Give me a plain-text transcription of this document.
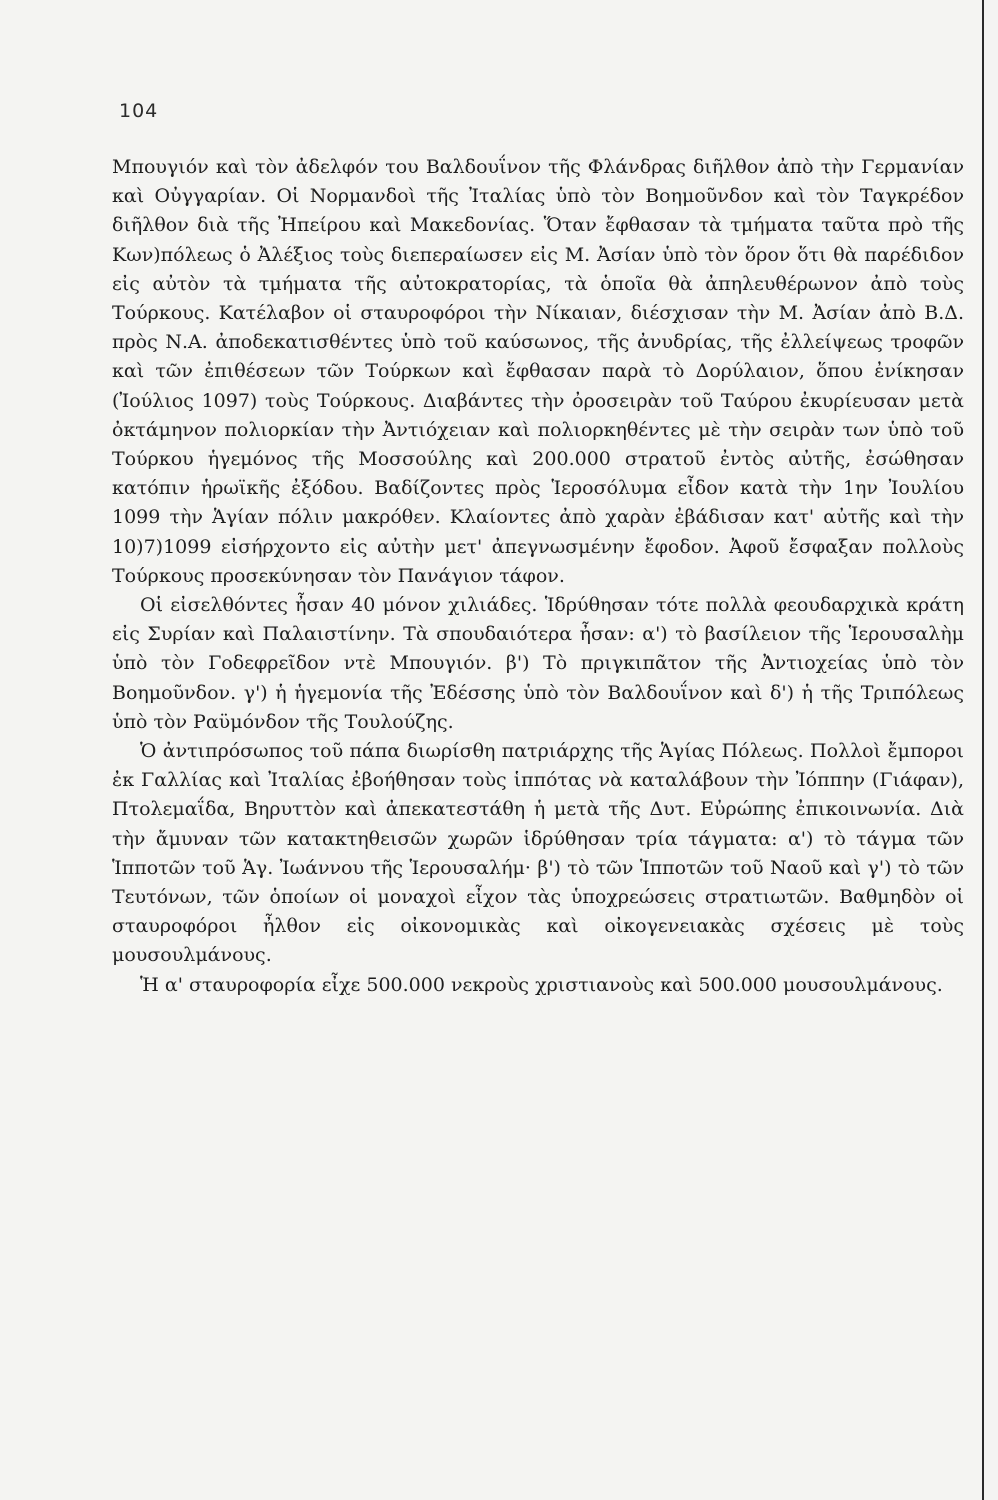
104

Μπουγιόν καὶ τὸν ἀδελφόν του Βαλδουΐνον τῆς Φλάνδρας διῆλθον ἀπὸ τὴν Γερμανίαν καὶ Οὐγγαρίαν. Οἱ Νορμανδοὶ τῆς Ἰταλίας ὑπὸ τὸν Βοημοῦνδον καὶ τὸν Ταγκρέδον διῆλθον διὰ τῆς Ἠπείρου καὶ Μακεδονίας. Ὅταν ἔφθασαν τὰ τμήματα ταῦτα πρὸ τῆς Κων)πόλεως ὁ Ἀλέξιος τοὺς διεπεραίωσεν εἰς Μ. Ἀσίαν ὑπὸ τὸν ὅρον ὅτι θὰ παρέδιδον εἰς αὐτὸν τὰ τμήματα τῆς αὐτοκρατορίας, τὰ ὁποῖα θὰ ἀπηλευθέρωνον ἀπὸ τοὺς Τούρκους. Κατέλαβον οἱ σταυροφόροι τὴν Νίκαιαν, διέσχισαν τὴν Μ. Ἀσίαν ἀπὸ Β.Δ. πρὸς Ν.Α. ἀποδεκατισθέντες ὑπὸ τοῦ καύσωνος, τῆς ἀνυδρίας, τῆς ἐλλείψεως τροφῶν καὶ τῶν ἐπιθέσεων τῶν Τούρκων καὶ ἔφθασαν παρὰ τὸ Δορύλαιον, ὅπου ἐνίκησαν (Ἰούλιος 1097) τοὺς Τούρκους. Διαβάντες τὴν ὀροσειρὰν τοῦ Ταύρου ἐκυρίευσαν μετὰ ὀκτάμηνον πολιορκίαν τὴν Ἀντιόχειαν καὶ πολιορκηθέντες μὲ τὴν σειρὰν των ὑπὸ τοῦ Τούρκου ἡγεμόνος τῆς Μοσσούλης καὶ 200.000 στρατοῦ ἐντὸς αὐτῆς, ἐσώθησαν κατόπιν ἡρωϊκῆς ἐξόδου. Βαδίζοντες πρὸς Ἱεροσόλυμα εἶδον κατὰ τὴν 1ην Ἰουλίου 1099 τὴν Ἁγίαν πόλιν μακρόθεν. Κλαίοντες ἀπὸ χαρὰν ἐβάδισαν κατ' αὐτῆς καὶ τὴν 10)7)1099 εἰσήρχοντο εἰς αὐτὴν μετ' ἀπεγνωσμένην ἔφοδον. Ἀφοῦ ἔσφαξαν πολλοὺς Τούρκους προσεκύνησαν τὸν Πανάγιον τάφον.

Οἱ εἰσελθόντες ἦσαν 40 μόνον χιλιάδες. Ἱδρύθησαν τότε πολλὰ φεουδαρχικὰ κράτη εἰς Συρίαν καὶ Παλαιστίνην. Τὰ σπουδαιότερα ἦσαν: α') τὸ βασίλειον τῆς Ἱερουσαλὴμ ὑπὸ τὸν Γοδεφρεῖδον ντὲ Μπουγιόν. β') Τὸ πριγκιπᾶτον τῆς Ἀντιοχείας ὑπὸ τὸν Βοημοῦνδον. γ') ἡ ἡγεμονία τῆς Ἐδέσσης ὑπὸ τὸν Βαλδουΐνον καὶ δ') ἡ τῆς Τριπόλεως ὑπὸ τὸν Ραϋμόνδον τῆς Τουλούζης.

Ὁ ἀντιπρόσωπος τοῦ πάπα διωρίσθη πατριάρχης τῆς Ἁγίας Πόλεως. Πολλοὶ ἔμποροι ἐκ Γαλλίας καὶ Ἰταλίας ἐβοήθησαν τοὺς ἱππότας νὰ καταλάβουν τὴν Ἰόππην (Γιάφαν), Πτολεμαΐδα, Βηρυττὸν καὶ ἀπεκατεστάθη ἡ μετὰ τῆς Δυτ. Εὐρώπης ἐπικοινωνία. Διὰ τὴν ἄμυναν τῶν κατακτηθεισῶν χωρῶν ἱδρύθησαν τρία τάγματα: α') τὸ τάγμα τῶν Ἱπποτῶν τοῦ Ἁγ. Ἰωάννου τῆς Ἱερουσαλήμ· β') τὸ τῶν Ἱπποτῶν τοῦ Ναοῦ καὶ γ') τὸ τῶν Τευτόνων, τῶν ὁποίων οἱ μοναχοὶ εἶχον τὰς ὑποχρεώσεις στρατιωτῶν. Βαθμηδὸν οἱ σταυροφόροι ἦλθον εἰς οἰκονομικὰς καὶ οἰκογενειακὰς σχέσεις μὲ τοὺς μουσουλμάνους.

Ἡ α' σταυροφορία εἶχε 500.000 νεκροὺς χριστιανοὺς καὶ 500.000 μουσουλμάνους.
